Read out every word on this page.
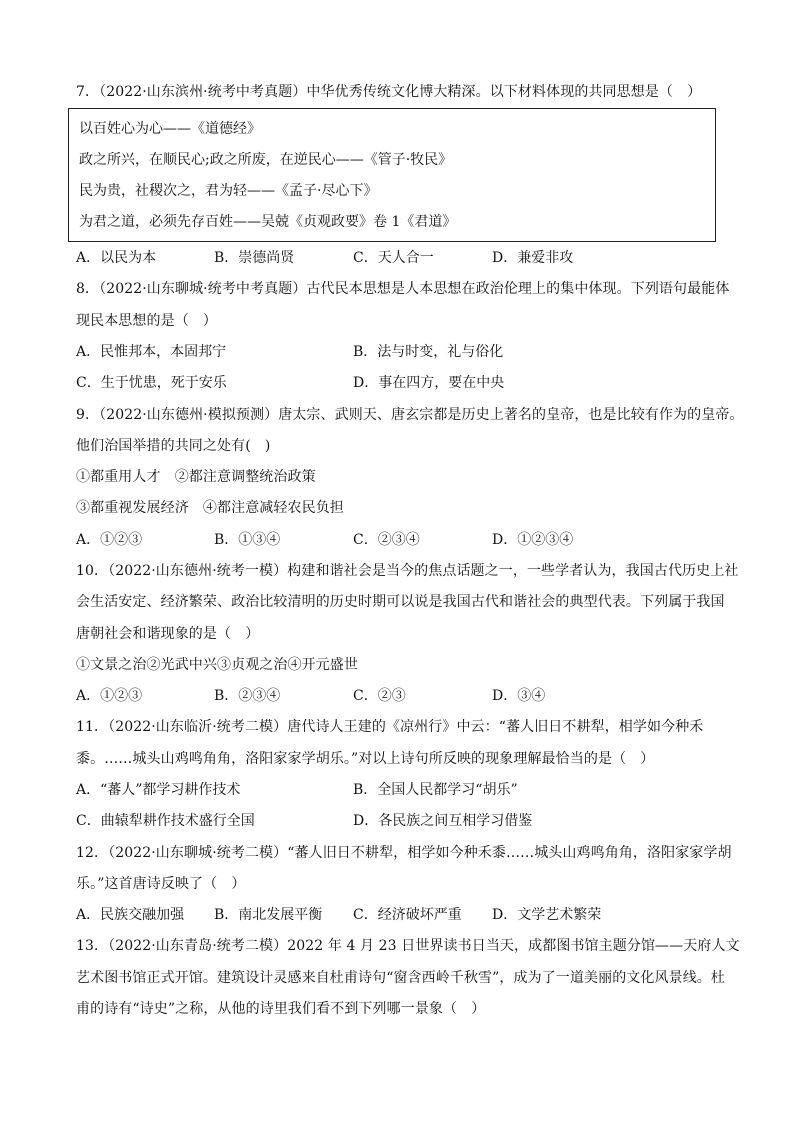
7．（2022·山东滨州·统考中考真题）中华优秀传统文化博大精深。以下材料体现的共同思想是（　）
以百姓心为心——《道德经》
政之所兴，在顺民心;政之所废，在逆民心——《管子·牧民》
民为贵，社稷次之，君为轻——《孟子·尽心下》
为君之道，必须先存百姓——吴兢《贞观政要》卷 1《君道》
A．以民为本	B．崇德尚贤	C．天人合一	D．兼爱非攻
8．（2022·山东聊城·统考中考真题）古代民本思想是人本思想在政治伦理上的集中体现。下列语句最能体
现民本思想的是（　）
A．民惟邦本，本固邦宁	B．法与时变，礼与俗化
C．生于忧患，死于安乐	D．事在四方，要在中央
9．（2022·山东德州·模拟预测）唐太宗、武则天、唐玄宗都是历史上著名的皇帝，也是比较有作为的皇帝。
他们治国举措的共同之处有(　)
①都重用人才　②都注意调整统治政策
③都重视发展经济　④都注意减轻农民负担
A．①②③	B．①③④	C．②③④	D．①②③④
10．（2022·山东德州·统考一模）构建和谐社会是当今的焦点话题之一，一些学者认为，我国古代历史上社
会生活安定、经济繁荣、政治比较清明的历史时期可以说是我国古代和谐社会的典型代表。下列属于我国
唐朝社会和谐现象的是（　）
①文景之治②光武中兴③贞观之治④开元盛世
A．①②③	B．②③④	C．②③	D．③④
11．（2022·山东临沂·统考二模）唐代诗人王建的《凉州行》中云：“蕃人旧日不耕犁，相学如今种禾
黍。……城头山鸡鸣角角，洛阳家家学胡乐。”对以上诗句所反映的现象理解最恰当的是（　）
A．“蕃人”都学习耕作技术	B．全国人民都学习“胡乐”
C．曲辕犁耕作技术盛行全国	D．各民族之间互相学习借鉴
12．（2022·山东聊城·统考二模）“蕃人旧日不耕犁，相学如今种禾黍……城头山鸡鸣角角，洛阳家家学胡
乐。”这首唐诗反映了（　）
A．民族交融加强 B．南北发展平衡 C．经济破坏严重 D．文学艺术繁荣
13．（2022·山东青岛·统考二模）2022 年 4 月 23 日世界读书日当天，成都图书馆主题分馆——天府人文
艺术图书馆正式开馆。建筑设计灵感来自杜甫诗句“窗含西岭千秋雪”，成为了一道美丽的文化风景线。杜
甫的诗有“诗史”之称，从他的诗里我们看不到下列哪一景象（　）
